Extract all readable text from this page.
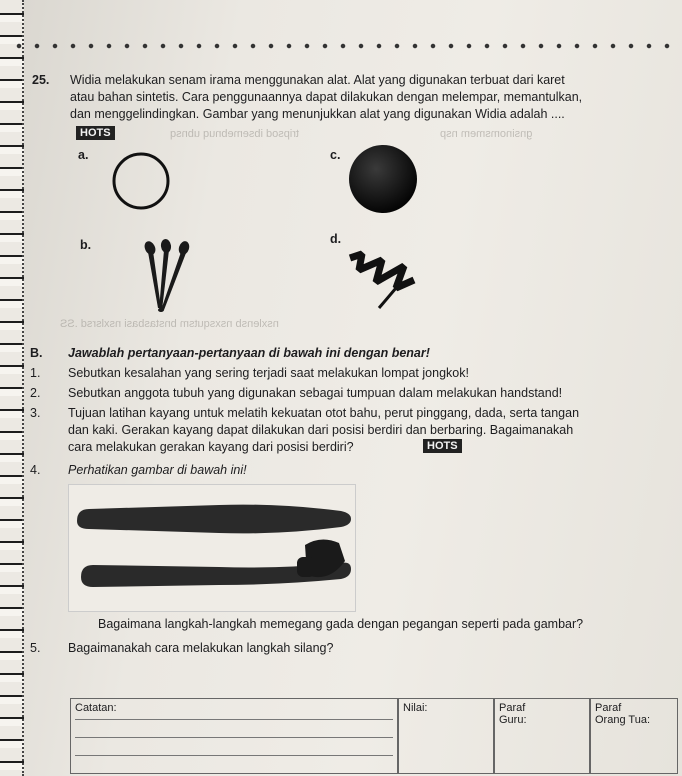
tripsod ibsemebnuq ubnsq	gnsinomsmem nsp
nsxlensb nsxsqutsm bnstasbasi nsxlsrsd .SS
25. Widia melakukan senam irama menggunakan alat. Alat yang digunakan terbuat dari karet
atau bahan sintetis. Cara penggunaannya dapat dilakukan dengan melempar, memantulkan,
dan menggelindingkan. Gambar yang menunjukkan alat yang digunakan Widia adalah ....
HOTS
a.	c.
b.	d.
B. Jawablah pertanyaan-pertanyaan di bawah ini dengan benar!
1. Sebutkan kesalahan yang sering terjadi saat melakukan lompat jongkok!
2. Sebutkan anggota tubuh yang digunakan sebagai tumpuan dalam melakukan handstand!
3. Tujuan latihan kayang untuk melatih kekuatan otot bahu, perut pinggang, dada, serta tangan
dan kaki. Gerakan kayang dapat dilakukan dari posisi berdiri dan berbaring. Bagaimanakah
cara melakukan gerakan kayang dari posisi berdiri?	HOTS
4. Perhatikan gambar di bawah ini!
Bagaimana langkah-langkah memegang gada dengan pegangan seperti pada gambar?
5. Bagaimanakah cara melakukan langkah silang?
Catatan:	Nilai:	Paraf
Guru:
Paraf
Orang Tua:
